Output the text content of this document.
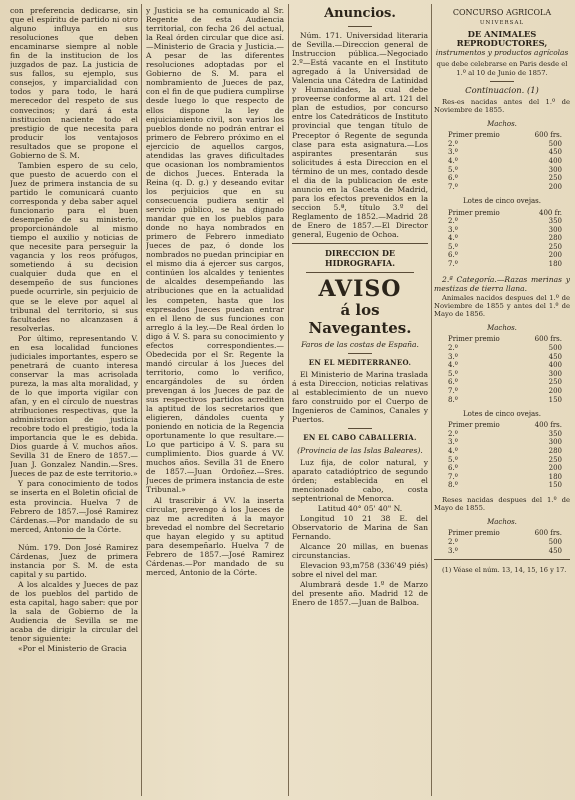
con preferencia dedicarse, sin que el espíritu de partido ni otro alguno influya en sus resoluciones que deben encaminarse siempre al noble fin de la institucion de los juzgados de paz. La justicia de sus fallos, su ejemplo, sus consejos, y imparcialidad con todos y para todo, le hará merecedor del respeto de sus convecinos; y dará á esta institucion naciente todo el prestigio de que necesita para producir los ventajosos resultados que se propone el Gobierno de S. M.

Tambien espero de su celo, que puesto de acuerdo con el Juez de primera instancia de su partido le comunicará cuanto corresponda y deba saber aquel funcionario para el buen desempeño de su ministerio, proporcionándole al mismo tiempo el auxilio y noticias de que necesite para perseguir la vagancia y los reos prófugos, sometiendo á su decision cualquier duda que en el desempeño de sus funciones puede ocurrirle, sin perjuicio de que se le eleve por aquel al tribunal del territorio, si sus facultades no alcanzasen á resolverlas.

Por último, representando V. en esa localidad funciones judiciales importantes, espero se penetrará de cuanto interesa conservar la mas acrisolada pureza, la mas alta moralidad, y de lo que importa vigilar con afan, y en el círculo de nuestras atribuciones respectivas, que la administracion de justicia recobre todo el prestigio, toda la importancia que le es debida. Dios guarde á V. muchos años. Sevilla 31 de Enero de 1857.—Juan J. Gonzalez Nandin.—Sres. Jueces de paz de este territorio.»

Y para conocimiento de todos se inserta en el Boletin oficial de esta provincia. Huelva 7 de Febrero de 1857.—José Ramirez Cárdenas.—Por mandado de su merced, Antonio de la Córte.

Núm. 179. Don José Ramirez Cárdenas, Juez de primera instancia por S. M. de esta capital y su partido.

A los alcaldes y Jueces de paz de los pueblos del partido de esta capital, hago saber: que por la sala de Gobierno de la Audiencia de Sevilla se me acaba de dirigir la circular del tenor siguiente:

«Por el Ministerio de Gracia

y Justicia se ha comunicado al Sr. Regente de esta Audiencia territorial, con fecha 26 del actual, la Real órden circular que dice así.—Ministerio de Gracia y Justicia.—A pesar de las diferentes resoluciones adoptadas por el Gobierno de S. M. para el nombramiento de Jueces de paz, con el fin de que pudiera cumplirse desde luego lo que respecto de ellos dispone la ley de enjuiciamiento civil, son varios los pueblos donde no podrán entrar el primero de Febrero próximo en el ejercicio de aquellos cargos, atendidas las graves dificultades que ocasionan los nombramientos de dichos Jueces. Enterada la Reina (q. D. g.) y deseando evitar los perjuicios que en su consecuencia pudiera sentir el servicio público, se ha dignado mandar que en los pueblos para donde no haya nombrados en primero de Febrero inmediato Jueces de paz, ó donde los nombrados no puedan principiar en el mismo dia á ejercer sus cargos, continúen los alcaldes y tenientes de alcaldes desempeñando las atribuciones que en la actualidad les competen, hasta que los expresados Jueces puedan entrar en el lleno de sus funciones con arreglo á la ley.—De Real órden lo digo á V. S. para su conocimiento y efectos correspondientes.—Obedecida por el Sr. Regente la mandó circular á los Jueces del territorio, como lo verifico, encargándoles de su órden prevengan á los Jueces de paz de sus respectivos partidos acrediten la aptitud de los secretarios que eligieren, dándoles cuenta y poniendo en noticia de la Regencia oportunamente lo que resultare.—Lo que participo á V. S. para su cumplimiento. Dios guarde á VV. muchos años. Sevilla 31 de Enero de 1857.—Juan Ordoñez.—Sres. Jueces de primera instancia de este Tribunal.»

Al trascribir á VV. la inserta circular, prevengo á los Jueces de paz me acrediten á la mayor brevedad el nombre del Secretario que hayan elegido y su aptitud para desempeñarlo. Huelva 7 de Febrero de 1857.—José Ramirez Cárdenas.—Por mandado de su merced, Antonio de la Córte.

Anuncios.

Núm. 171. Universidad literaria de Sevilla.—Direccion general de Instruccion pública.—Negociado 2.º—Está vacante en el Instituto agregado á la Universidad de Valencia una Cátedra de Latinidad y Humanidades, la cual debe proveerse conforme al art. 121 del plan de estudios, por concurso entre los Catedráticos de Instituto provincial que tengan título de Preceptor ó Regente de segunda clase para esta asignatura.—Los aspirantes presentarán sus solicitudes á esta Direccion en el término de un mes, contado desde el dia de la publicacion de este anuncio en la Gaceta de Madrid, para los efectos prevenidos en la seccion 5.ª, título 3.º del Reglamento de 1852.—Madrid 28 de Enero de 1857.—El Director general, Eugenio de Ochoa.

DIRECCION DE HIDROGRAFIA.
AVISO
á los Navegantes.
Faros de las costas de España.
EN EL MEDITERRANEO.

El Ministerio de Marina traslada á esta Direccion, noticias relativas al establecimiento de un nuevo faro construido por el Cuerpo de Ingenieros de Caminos, Canales y Puertos.

EN EL CABO CABALLERIA.
(Provincia de las Islas Baleares).

Luz fija, de color natural, y aparato catadióptrico de segundo órden; establecida en el mencionado cabo, costa septentrional de Menorca.

Latitud 40° 05' 40" N.

Longitud 10 21 38 E. del Observatorio de Marina de San Fernando.

Alcance 20 millas, en buenas circunstancias.

Elevacion 93,m758 (336'49 piés) sobre el nivel del mar.

Alumbrará desde 1.º de Marzo del presente año. Madrid 12 de Enero de 1857.—Juan de Balboa.

CONCURSO AGRICOLA
UNIVERSAL
DE ANIMALES REPRODUCTORES,
instrumentos y productos agrícolas
que debe celebrarse en Paris desde el 1.º al 10 de Junio de 1857.
Continuacion. (1)

Res-es nacidas antes del 1.º de Noviembre de 1855.

Machos.
Primer premio	600 frs.
2.º	500
3.º	450
4.º	400
5.º	300
6.º	250
7.º	200
Lotes de cinco ovejas.
Primer premio	400 fr.
2.º	350
3.º	300
4.º	280
5.º	250
6.º	200
7.º	180

2.ª Categoría.—Razas merinas y mestizas de tierra llana.

Animales nacidos despues del 1.º de Noviembre de 1855 y antes del 1.º de Mayo de 1856.

Machos.
Primer premio	600 frs.
2.º	500
3.º	450
4.º	400
5.º	300
6.º	250
7.º	200
8.º	150
Lotes de cinco ovejas.
Primer premio	400 frs.
2.º	350
3.º	300
4.º	280
5.º	250
6.º	200
7.º	180
8.º	150

Reses nacidas despues del 1.º de Mayo de 1855.

Machos.
Primer premio	600 frs.
2.º	500
3.º	450

(1) Véase el núm. 13, 14, 15, 16 y 17.
